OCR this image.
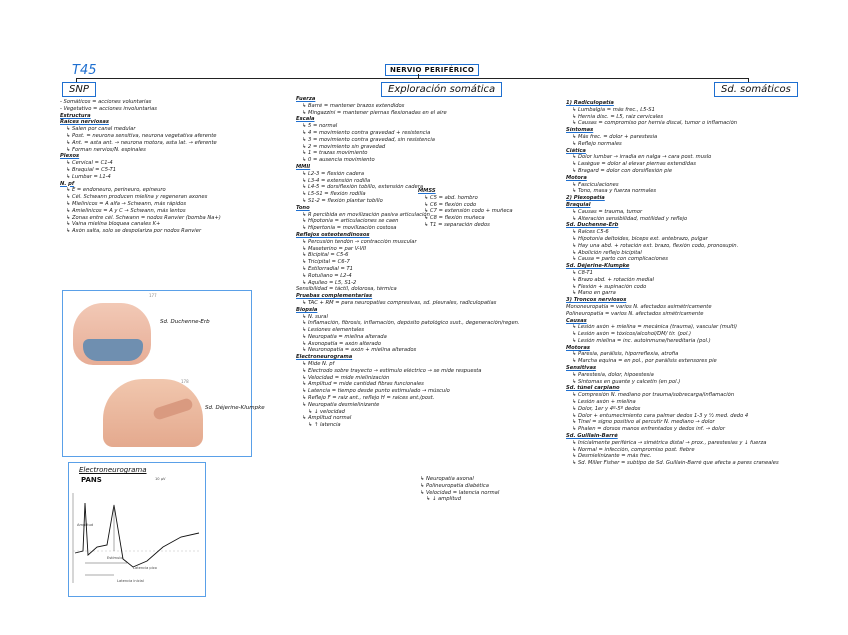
T45	NERVIO PERIFÉRICO
SNP	Exploración somática	Sd. somáticos
- Somáticos = acciones voluntarias
- Vegetativo = acciones involuntarias
Estructura
Raíces nerviosas
↳ Salen por canal medular
↳ Post. = neurona sensitiva, neurona vegetativa aferente
↳ Ant. = asta ant. → neurona motora, asta lat. → eferente
↳ Forman nervios/N. espinales
Plexos
↳ Cervical = C1-4
↳ Braquial = C5-T1
↳ Lumbar = L1-4
N. pf
↳ E = endoneuro, perineuro, epineuro
↳ Cél. Schwann producen mielina y regeneran axones
↳ Mielínicos = A alfa → Schwann, más rápidos
↳ Amielínicos = A y C → Schwann, más lentos
↳ Zonas entre cél. Schwann = nodos Ranvier (bomba Na+)
↳ Vaina mielina bloquea canales K+
↳ Axón salta, solo se despolariza por nodos Ranvier
Fuerza
↳ Barré = mantener brazos extendidos
↳ Mingazzini = mantener piernas flexionadas en el aire
Escala
↳ 5 = normal
↳ 4 = movimiento contra gravedad + resistencia
↳ 3 = movimiento contra gravedad, sin resistencia
↳ 2 = movimiento sin gravedad
↳ 1 = trazas movimiento
↳ 0 = ausencia movimiento
MMII
↳ L2-3 = flexión cadera
↳ L3-4 = extensión rodilla
↳ L4-5 = dorsiflexión tobillo, extensión cadera
↳ L5-S1 = flexión rodilla
↳ S1-2 = flexión plantar tobillo
Tono
↳ R percibida en movilización pasiva articulación
↳ Hipotonía = articulaciones se caen
↳ Hipertonía = movilización costosa
Reflejos osteotendinosos
↳ Percusión tendón → contracción muscular
↳ Maseterino = par V-VII
↳ Bicipital = C5-6
↳ Tricipital = C6-7
↳ Estilorradial = T1
↳ Rotuliano = L2-4
↳ Aquíleo = L5, S1-2
Sensibilidad = táctil, dolorosa, térmica
Pruebas complementarias
↳ TAC + RM = para neuropatías compresivas, sd. pleurales, radiculopatías
Biopsia
↳ N. sural
↳ Inflamación, fibrosis, inflamación, depósito patológico sust., degeneración/regen.
↳ Lesiones elementales
↳ Neuropatía = mielina alterada
↳ Axonopatía = axón alterado
↳ Neuronopatía = axón + mielina alterados
Electroneurograma
↳ Mide N. pf
↳ Electrodo sobre trayecto → estímulo eléctrico → se mide respuesta
↳ Velocidad = mide mielinización
↳ Amplitud = mide cantidad fibras funcionales
↳ Latencia = tiempo desde punto estimulado → músculo
↳ Reflejo F = raíz ant., reflejo H = raíces ant./post.
↳ Neuropatía desmielinizante
↳ ↓ velocidad
↳ Amplitud normal
↳ ↑ latencia
MMSS
↳ C5 = abd. hombro
↳ C6 = flexión codo
↳ C7 = extensión codo + muñeca
↳ C8 = flexión muñeca
↳ T1 = separación dedos
↳ Neuropatía axonal
↳ Polineuropatía diabética
↳ Velocidad = latencia normal
↳ ↓ amplitud
1) Radiculopatía
↳ Lumbalgia = más frec., L5-S1
↳ Hernia disc. = L5, raíz cervicales
↳ Causas = compromiso por hernia discal, tumor o inflamación
Síntomas
↳ Más frec. = dolor + parestesia
↳ Reflejo normales
Ciática
↳ Dolor lumbar → irradia en nalga → cara post. muslo
↳ Lasègue = dolor al elevar piernas extendidas
↳ Bragard = dolor con dorsiflexión pie
Motora
↳ Fasciculaciones
↳ Tono, masa y fuerza normales
2) Plexopatía
Braquial
↳ Causas = trauma, tumor
↳ Alteración sensibilidad, motilidad y reflejo
Sd. Duchenne-Erb
↳ Raíces C5-6
↳ Hipotonía deltoides, bíceps ext. antebrazo, pulgar
↳ Hay una abd. + rotación ext. brazo, flexión codo, pronosupin.
↳ Abolición reflejo bicipital
↳ Causa = parto con complicaciones
Sd. Déjerine-Klumpke
↳ C8-T1
↳ Brazo abd. + rotación medial
↳ Flexión + supinación codo
↳ Mano en garra
3) Troncos nerviosos
Mononeuropatía = varios N. afectados asimétricamente
Polineuropatía = varios N. afectados simétricamente
Causas
↳ Lesión axón + mielina = mecánica (trauma), vascular (multi)
↳ Lesión axón = tóxicos/alcohol/DM/ tir. (pol.)
↳ Lesión mielina = inc. autoinmune/hereditaria (pol.)
Motoras
↳ Paresia, parálisis, hiporreflexia, atrofia
↳ Marcha equina = en pol., por parálisis extensores pie
Sensitivas
↳ Parestesia, dolor, hipoestesia
↳ Síntomas en guante y calcetín (en pol.)
Sd. túnel carpiano
↳ Compresión N. mediano por trauma/sobrecarga/inflamación
↳ Lesión axón + mielina
↳ Dolor, 1er y 4º-5º dedos
↳ Dolor + entumecimiento cara palmar dedos 1-3 y ½ med. dedo 4
↳ Tinel = signo positivo al percutir N. mediano → dolor
↳ Phalen = dorsos manos enfrentados y dedos inf. → dolor
Sd. Guillain-Barré
↳ Inicialmente periférica → simétrica distal → prox., parestesias y ↓ fuerza
↳ Normal = infección, compromiso post. fiebre
↳ Desmielinizante = más frec.
↳ Sd. Miller Fisher = subtipo de Sd. Guillain-Barré que afecta a pares craneales
Sd. Duchenne-Erb
Sd. Déjerine-Klumpke
177
178
Electroneurograma
PANS	10 μV
Amplitud
Estímulo
Latencia pico
Latencia inicial
